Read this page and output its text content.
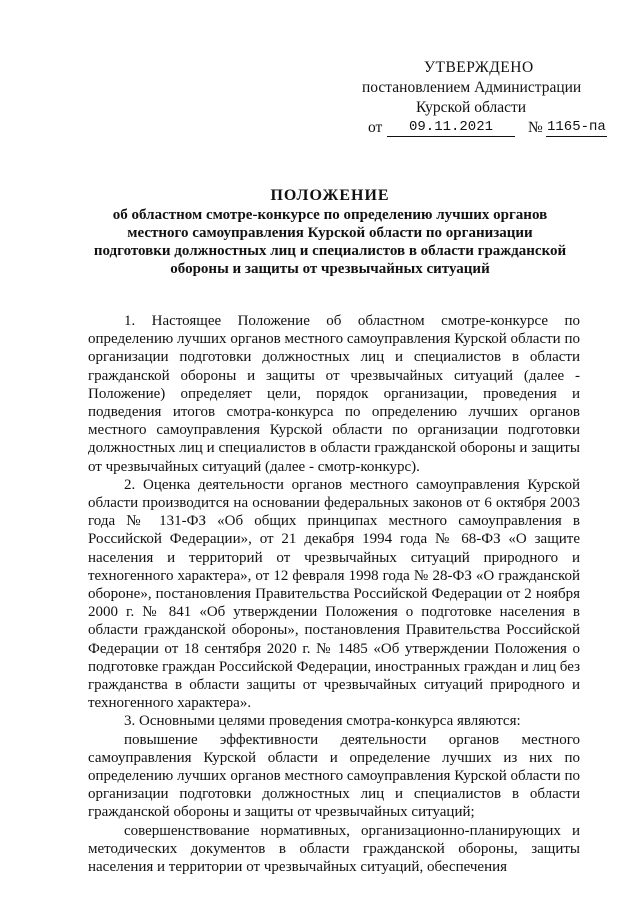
УТВЕРЖДЕНО
постановлением Администрации
Курской области
от	09.11.2021	№ 1165-па
ПОЛОЖЕНИЕ
об областном смотре-конкурсе по определению лучших органов местного самоуправления Курской области по организации подготовки должностных лиц и специалистов в области гражданской обороны и защиты от чрезвычайных ситуаций

1. Настоящее Положение об областном смотре-конкурсе по определению лучших органов местного самоуправления Курской области по организации подготовки должностных лиц и специалистов в области гражданской обороны и защиты от чрезвычайных ситуаций (далее - Положение) определяет цели, порядок организации, проведения и подведения итогов смотра-конкурса по определению лучших органов местного самоуправления Курской области по организации подготовки должностных лиц и специалистов в области гражданской обороны и защиты от чрезвычайных ситуаций (далее - смотр-конкурс).

2. Оценка деятельности органов местного самоуправления Курской области производится на основании федеральных законов от 6 октября 2003 года № 131-ФЗ «Об общих принципах местного самоуправления в Российской Федерации», от 21 декабря 1994 года № 68-ФЗ «О защите населения и территорий от чрезвычайных ситуаций природного и техногенного характера», от 12 февраля 1998 года № 28-ФЗ «О гражданской обороне», постановления Правительства Российской Федерации от 2 ноября 2000 г. № 841 «Об утверждении Положения о подготовке населения в области гражданской обороны», постановления Правительства Российской Федерации от 18 сентября 2020 г. № 1485 «Об утверждении Положения о подготовке граждан Российской Федерации, иностранных граждан и лиц без гражданства в области защиты от чрезвычайных ситуаций природного и техногенного характера».

3. Основными целями проведения смотра-конкурса являются:

повышение эффективности деятельности органов местного самоуправления Курской области и определение лучших из них по определению лучших органов местного самоуправления Курской области по организации подготовки должностных лиц и специалистов в области гражданской обороны и защиты от чрезвычайных ситуаций;

совершенствование нормативных, организационно-планирующих и методических документов в области гражданской обороны, защиты населения и территории от чрезвычайных ситуаций, обеспечения
